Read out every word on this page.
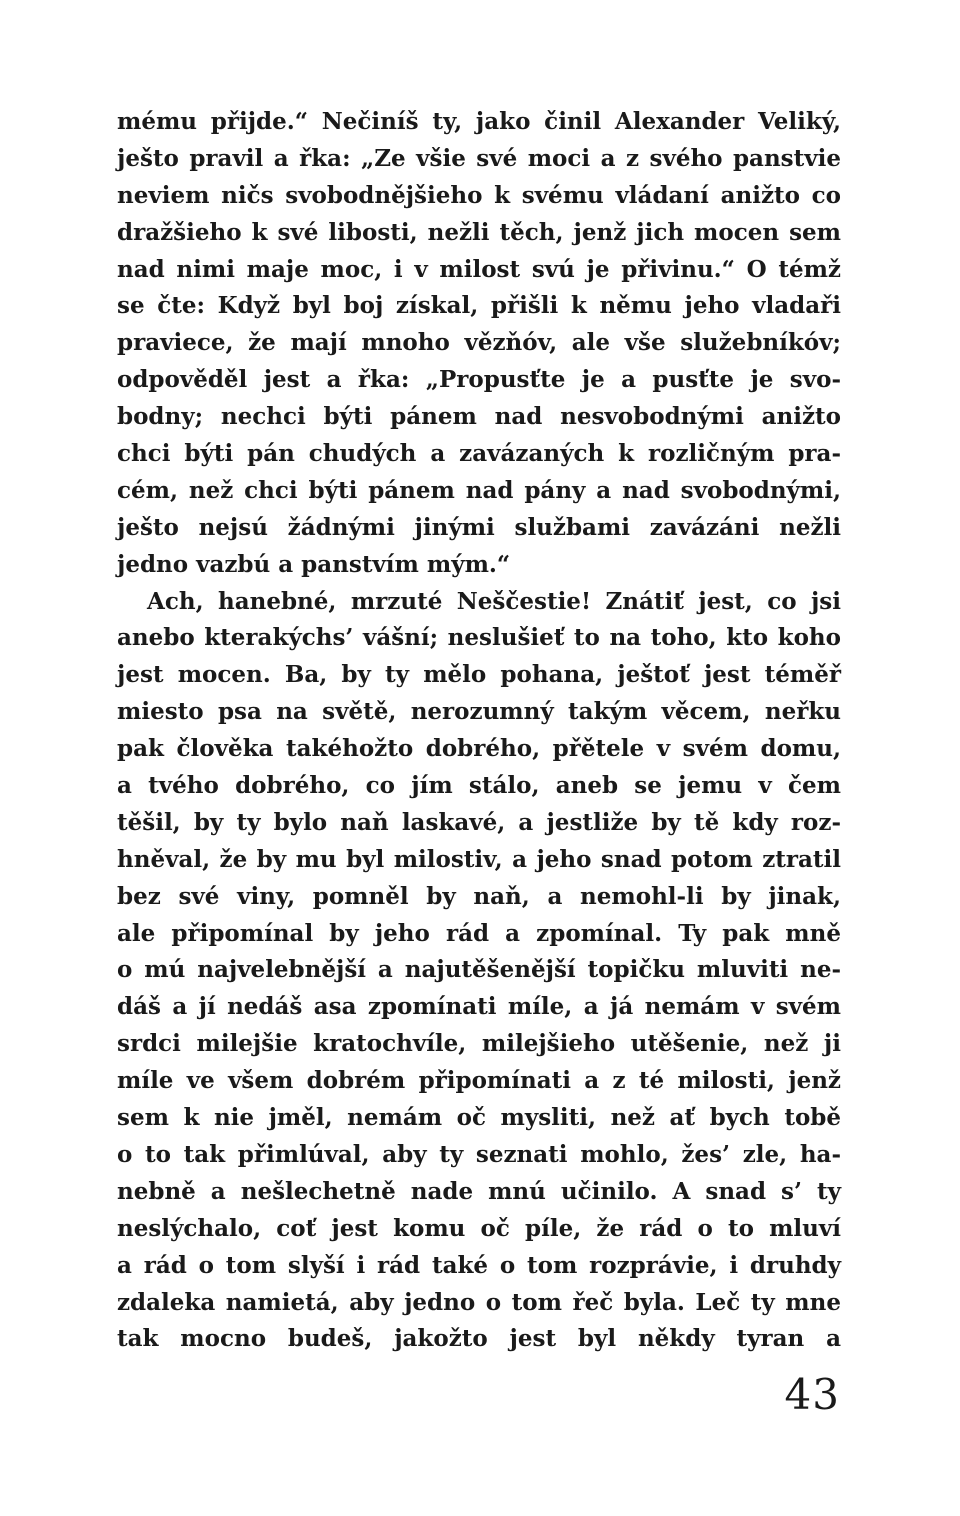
mému přijde.“ Nečiníš ty, jako činil Alexander Veliký,
ješto pravil a řka: „Ze všie své moci a z svého panstvie
neviem ničs svobodnějšieho k svému vládaní anižto co
dražšieho k své libosti, nežli těch, jenž jich mocen sem
nad nimi maje moc, i v milost svú je přivinu.“ O témž
se čte: Když byl boj získal, přišli k němu jeho vladaři
praviece, že mají mnoho vězňóv, ale vše služebníkóv;
odpověděl jest a řka: „Propusťte je a pusťte je svo-
bodny; nechci býti pánem nad nesvobodnými anižto
chci býti pán chudých a zavázaných k rozličným pra-
cém, než chci býti pánem nad pány a nad svobodnými,
ješto nejsú žádnými jinými službami zavázáni nežli
jedno vazbú a panstvím mým.“
Ach, hanebné, mrzuté Neščestie! Znátiť jest, co jsi
anebo kterakýchs’ vášní; neslušieť to na toho, kto koho
jest mocen. Ba, by ty mělo pohana, ještoť jest téměř
miesto psa na světě, nerozumný takým věcem, neřku
pak člověka takéhožto dobrého, přětele v svém domu,
a tvého dobrého, co jím stálo, aneb se jemu v čem
těšil, by ty bylo naň laskavé, a jestliže by tě kdy roz-
hněval, že by mu byl milostiv, a jeho snad potom ztratil
bez své viny, pomněl by naň, a nemohl-li by jinak,
ale připomínal by jeho rád a zpomínal. Ty pak mně
o mú najvelebnější a najutěšenější topičku mluviti ne-
dáš a jí nedáš asa zpomínati míle, a já nemám v svém
srdci milejšie kratochvíle, milejšieho utěšenie, než ji
míle ve všem dobrém připomínati a z té milosti, jenž
sem k nie jměl, nemám oč mysliti, než ať bych tobě
o to tak přimlúval, aby ty seznati mohlo, žes’ zle, ha-
nebně a nešlechetně nade mnú učinilo. A snad s’ ty
neslýchalo, coť jest komu oč píle, že rád o to mluví
a rád o tom slyší i rád také o tom rozprávie, i druhdy
zdaleka namietá, aby jedno o tom řeč byla. Leč ty mne
tak mocno budeš, jakožto jest byl někdy tyran a
43
